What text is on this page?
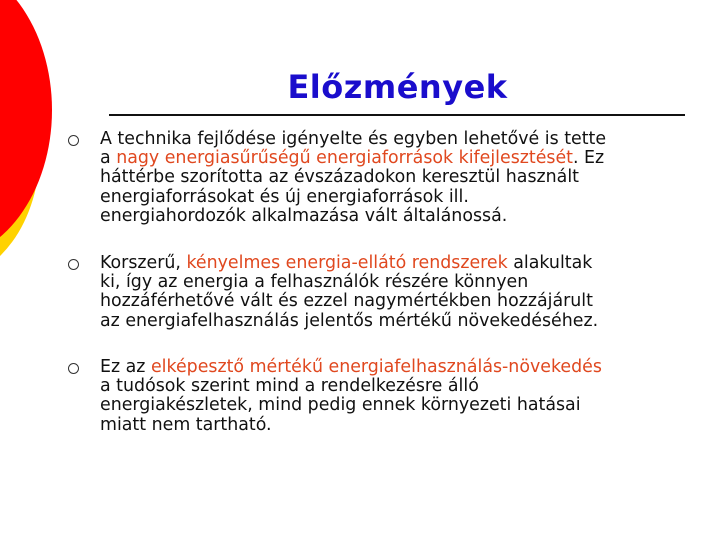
Előzmények
A technika fejlődése igényelte és egyben lehetővé is tette
a nagy energiasűrűségű energiaforrások kifejlesztését. Ez
háttérbe szorította az évszázadokon keresztül használt
energiaforrásokat és új energiaforrások ill.
energiahordozók alkalmazása vált általánossá.
Korszerű, kényelmes energia-ellátó rendszerek alakultak
ki, így az energia a felhasználók részére könnyen
hozzáférhetővé vált és ezzel nagymértékben hozzájárult
az energiafelhasználás jelentős mértékű növekedéséhez.
Ez az elképesztő mértékű energiafelhasználás-növekedés
a tudósok szerint mind a rendelkezésre álló
energiakészletek, mind pedig ennek környezeti hatásai
miatt nem tartható.
